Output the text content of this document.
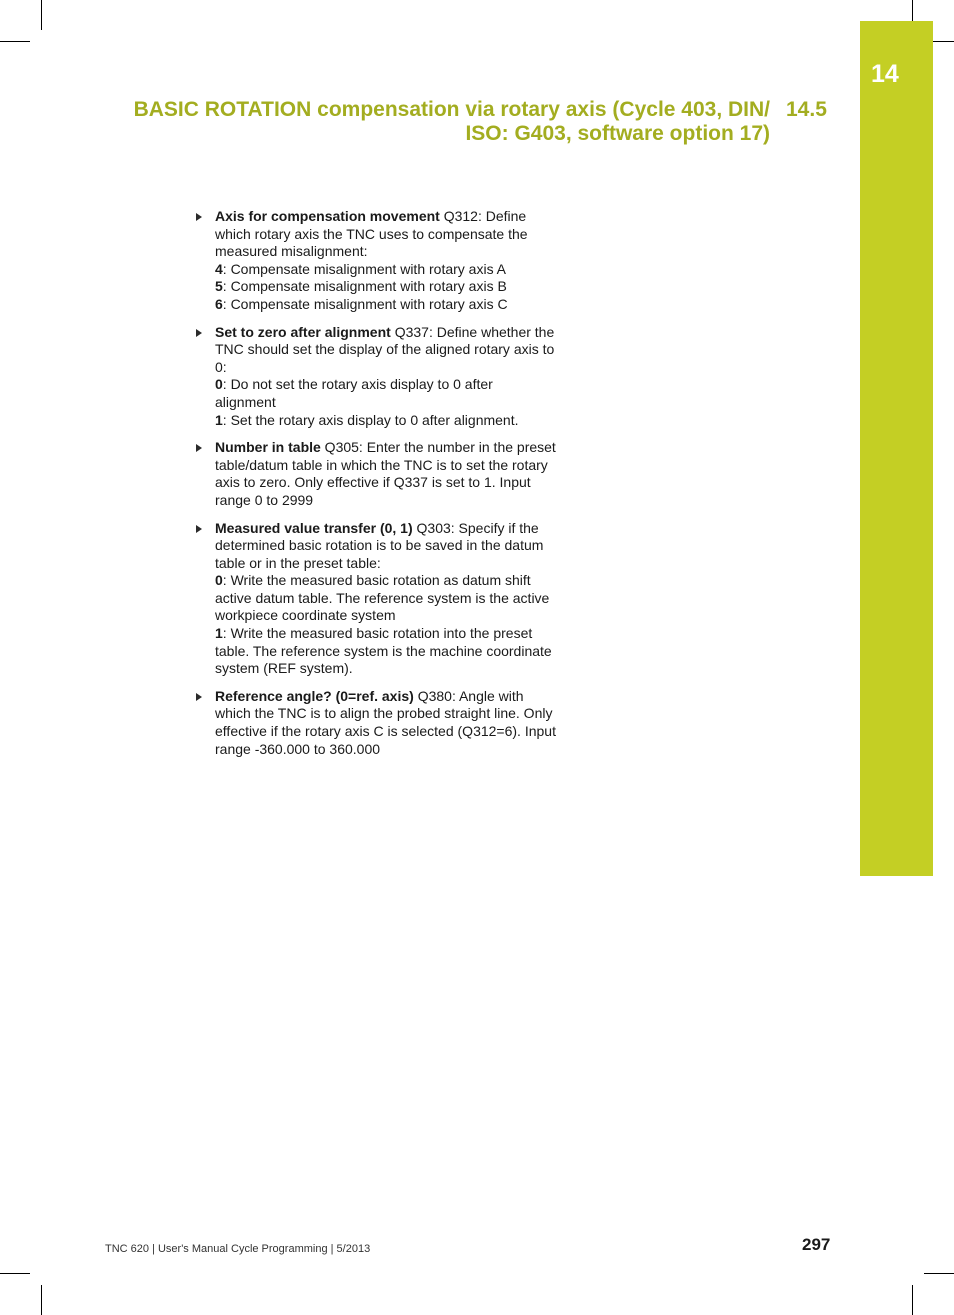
14
BASIC ROTATION compensation via rotary axis (Cycle 403, DIN/
ISO: G403, software option 17)
14.5
Axis for compensation movement Q312: Define which rotary axis the TNC uses to compensate the measured misalignment:
4: Compensate misalignment with rotary axis A
5: Compensate misalignment with rotary axis B
6: Compensate misalignment with rotary axis C
Set to zero after alignment Q337: Define whether the TNC should set the display of the aligned rotary axis to 0:
0: Do not set the rotary axis display to 0 after alignment
1: Set the rotary axis display to 0 after alignment.
Number in table Q305: Enter the number in the preset table/datum table in which the TNC is to set the rotary axis to zero. Only effective if Q337 is set to 1. Input range 0 to 2999
Measured value transfer (0, 1) Q303: Specify if the determined basic rotation is to be saved in the datum table or in the preset table:
0: Write the measured basic rotation as datum shift active datum table. The reference system is the active workpiece coordinate system
1: Write the measured basic rotation into the preset table. The reference system is the machine coordinate system (REF system).
Reference angle? (0=ref. axis) Q380: Angle with which the TNC is to align the probed straight line. Only effective if the rotary axis C is selected (Q312=6). Input range -360.000 to 360.000
TNC 620 | User's Manual Cycle Programming | 5/2013	297
